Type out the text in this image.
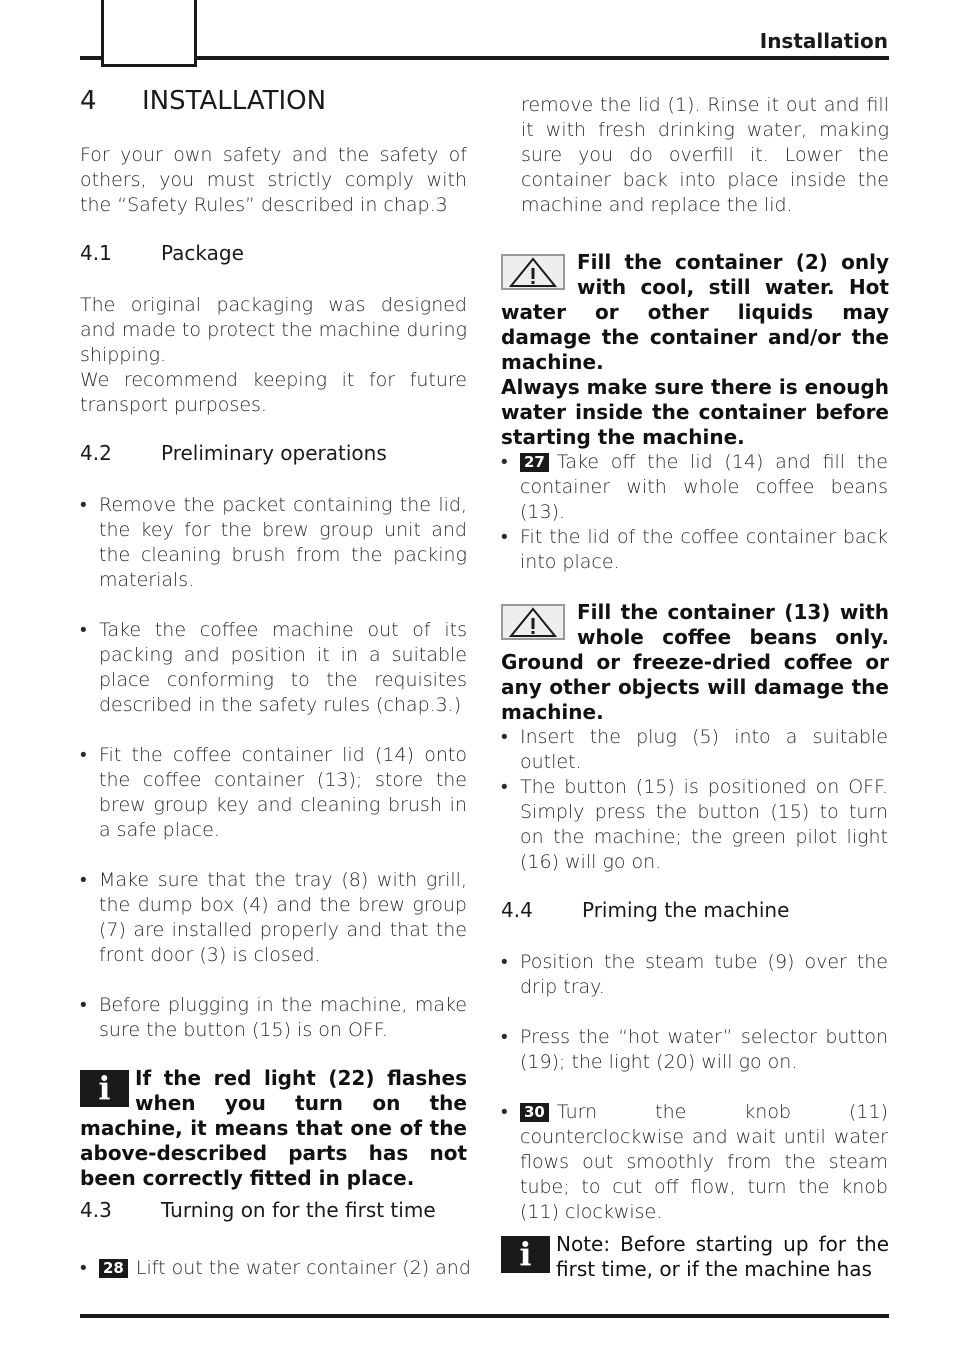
Installation
4 INSTALLATION

For your own safety and the safety of others, you must strictly comply with the “Safety Rules” described in chap.3

4.1 Package

The original packaging was designed and made to protect the machine during shipping.

We recommend keeping it for future transport purposes.

4.2 Preliminary operations
• Remove the packet containing the lid, the key for the brew group unit and the cleaning brush from the packing materials.
• Take the coffee machine out of its packing and position it in a suitable place conforming to the requisites described in the safety rules (chap.3.)
• Fit the coffee container lid (14) onto the coffee container (13); store the brew group key and cleaning brush in a safe place.
• Make sure that the tray (8) with grill, the dump box (4) and the brew group (7) are installed properly and that the front door (3) is closed.
• Before plugging in the machine, make sure the button (15) is on OFF.
i	If the red light (22) flashes when you turn on the machine, it means that one of the above-described parts has not been correctly fitted in place.
4.3 Turning on for the first time
• 28 Lift out the water container (2) and

remove the lid (1). Rinse it out and fill it with fresh drinking water, making sure you do overfill it. Lower the container back into place inside the machine and replace the lid.

Fill the container (2) only with cool, still water. Hot water or other liquids may damage the container and/or the machine.
Always make sure there is enough water inside the container before starting the machine.
• 27 Take off the lid (14) and fill the container with whole coffee beans (13).
• Fit the lid of the coffee container back into place.
Fill the container (13) with whole coffee beans only. Ground or freeze-dried coffee or any other objects will damage the machine.
• Insert the plug (5) into a suitable outlet.
• The button (15) is positioned on OFF. Simply press the button (15) to turn on the machine; the green pilot light (16) will go on.
4.4 Priming the machine
• Position the steam tube (9) over the drip tray.
• Press the “hot water” selector button (19); the light (20) will go on.
• 30 Turn the knob (11) counterclockwise and wait until water flows out smoothly from the steam tube; to cut off flow, turn the knob (11) clockwise.
i	Note: Before starting up for the first time, or if the machine has
